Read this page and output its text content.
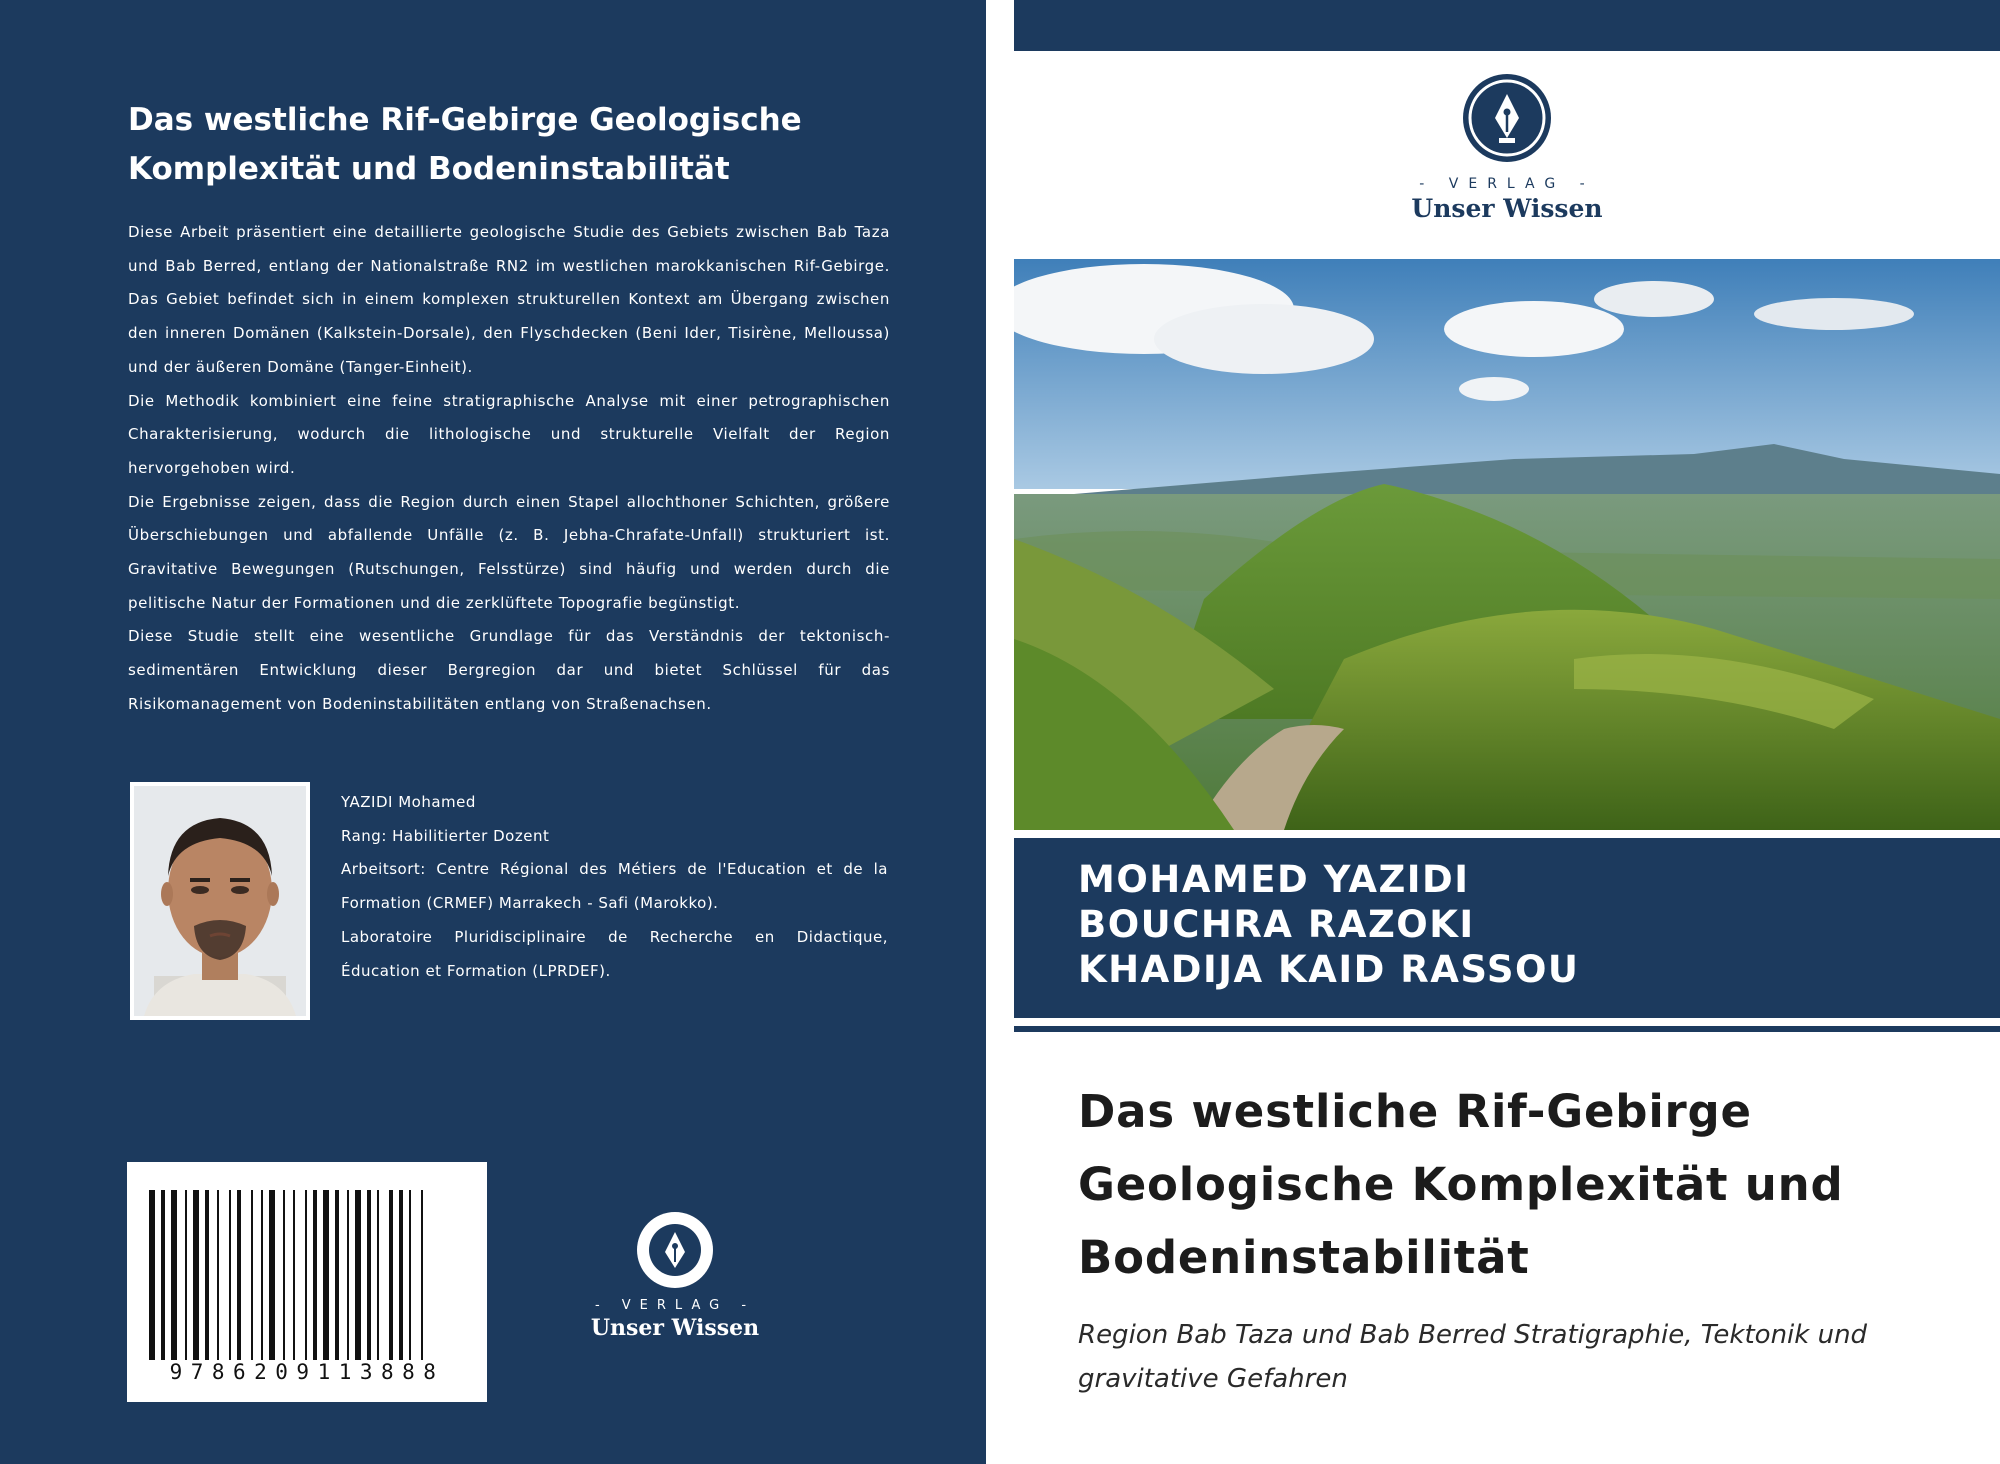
Das westliche Rif-Gebirge Geologische Komplexität und Bodeninstabilität

Diese Arbeit präsentiert eine detaillierte geologische Studie des Gebiets zwischen Bab Taza und Bab Berred, entlang der Nationalstraße RN2 im westlichen marokkanischen Rif-Gebirge. Das Gebiet befindet sich in einem komplexen strukturellen Kontext am Übergang zwischen den inneren Domänen (Kalkstein-Dorsale), den Flyschdecken (Beni Ider, Tisirène, Melloussa) und der äußeren Domäne (Tanger-Einheit).

Die Methodik kombiniert eine feine stratigraphische Analyse mit einer petrographischen Charakterisierung, wodurch die lithologische und strukturelle Vielfalt der Region hervorgehoben wird.

Die Ergebnisse zeigen, dass die Region durch einen Stapel allochthoner Schichten, größere Überschiebungen und abfallende Unfälle (z. B. Jebha-Chrafate-Unfall) strukturiert ist. Gravitative Bewegungen (Rutschungen, Felsstürze) sind häufig und werden durch die pelitische Natur der Formationen und die zerklüftete Topografie begünstigt.

Diese Studie stellt eine wesentliche Grundlage für das Verständnis der tektonisch-sedimentären Entwicklung dieser Bergregion dar und bietet Schlüssel für das Risikomanagement von Bodeninstabilitäten entlang von Straßenachsen.

YAZIDI Mohamed

Rang: Habilitierter Dozent

Arbeitsort: Centre Régional des Métiers de l'Education et de la Formation (CRMEF) Marrakech - Safi (Marokko).

Laboratoire Pluridisciplinaire de Recherche en Didactique, Éducation et Formation (LPRDEF).

9786209113888
- VERLAG -
Unser Wissen
- VERLAG -
Unser Wissen
MOHAMED YAZIDI
BOUCHRA RAZOKI
KHADIJA KAID RASSOU
Das westliche Rif-Gebirge
Geologische Komplexität und
Bodeninstabilität

Region Bab Taza und Bab Berred Stratigraphie, Tektonik und
gravitative Gefahren
